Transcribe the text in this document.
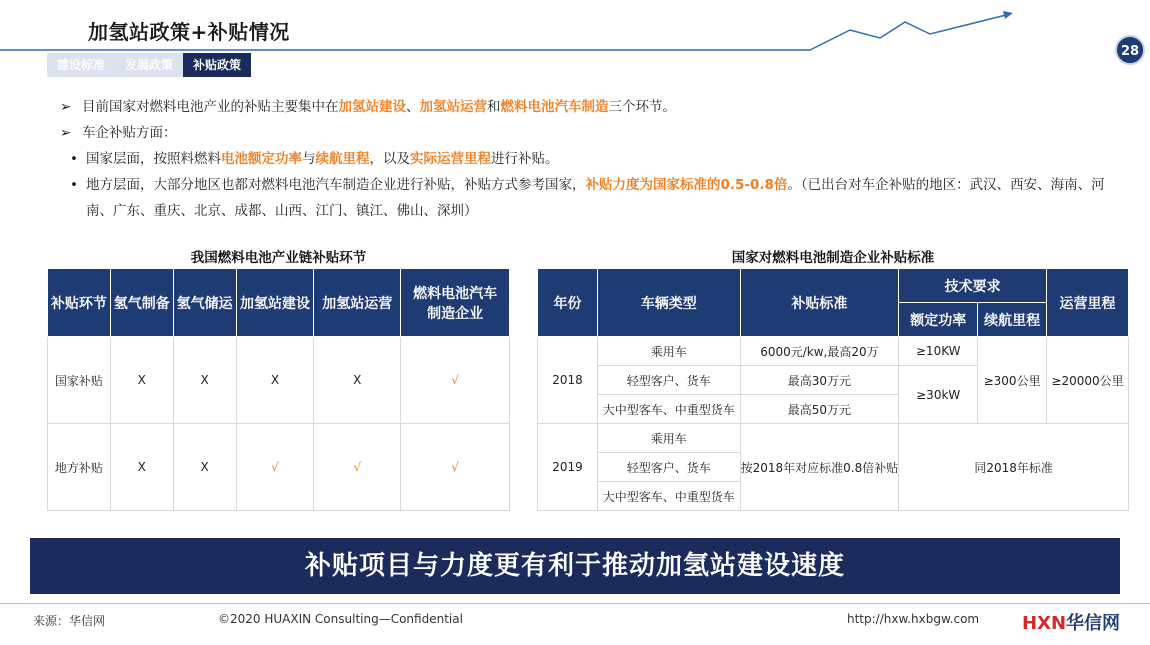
加氢站政策+补贴情况
28
建设标准	发展政策	补贴政策
➢ 目前国家对燃料电池产业的补贴主要集中在加氢站建设、加氢站运营和燃料电池汽车制造三个环节。
➢ 车企补贴方面：
• 国家层面，按照料燃料电池额定功率与续航里程，以及实际运营里程进行补贴。
• 地方层面，大部分地区也都对燃料电池汽车制造企业进行补贴，补贴方式参考国家，补贴力度为国家标准的0.5-0.8倍。（已出台对车企补贴的地区：武汉、西安、海南、河南、广东、重庆、北京、成都、山西、江门、镇江、佛山、深圳）
我国燃料电池产业链补贴环节
补贴环节	氢气制备	氢气储运	加氢站建设	加氢站运营	燃料电池汽车制造企业
国家补贴	X	X	X	X	√
地方补贴	X	X	√	√	√
国家对燃料电池制造企业补贴标准
年份	车辆类型	补贴标准	技术要求		运营里程
			额定功率	续航里程	
2018	乘用车	6000元/kw,最高20万	≥10KW	≥300公里	≥20000公里
	轻型客户、货车	最高30万元	≥30kW		
	大中型客车、中重型货车	最高50万元			
2019	乘用车	按2018年对应标准0.8倍补贴	同2018年标准		
	轻型客户、货车				
	大中型客车、中重型货车				
补贴项目与力度更有利于推动加氢站建设速度
来源：华信网	©2020 HUAXIN Consulting—Confidential	http://hxw.hxbgw.com HXN华信网
